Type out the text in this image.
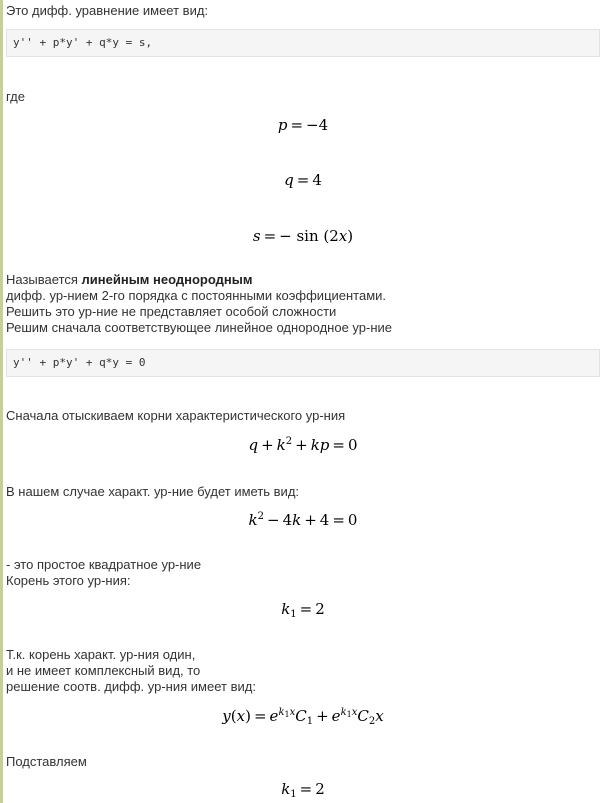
Это дифф. уравнение имеет вид:
y'' + p*y' + q*y = s,
где
p = −4
q = 4
s = − sin (2x)
Называется линейным неоднородным
дифф. ур-нием 2-го порядка с постоянными коэффициентами.
Решить это ур-ние не представляет особой сложности
Решим сначала соответствующее линейное однородное ур-ние
y'' + p*y' + q*y = 0
Сначала отыскиваем корни характеристического ур-ния
$q + k^2$ + kp = 0
В нашем случае характ. ур-ние будет иметь вид:
$k^2 - 4k + 4 = 0$
- это простое квадратное ур-ние
Корень этого ур-ния:
$k_1 = 2$
Т.к. корень характ. ур-ния один,
и не имеет комплексный вид, то
решение соотв. дифф. ур-ния имеет вид:
$y(x) = e^{k_1x}C_1 + e^{k_1x}C_2x$
Подставляем
$k_1 = 2$
